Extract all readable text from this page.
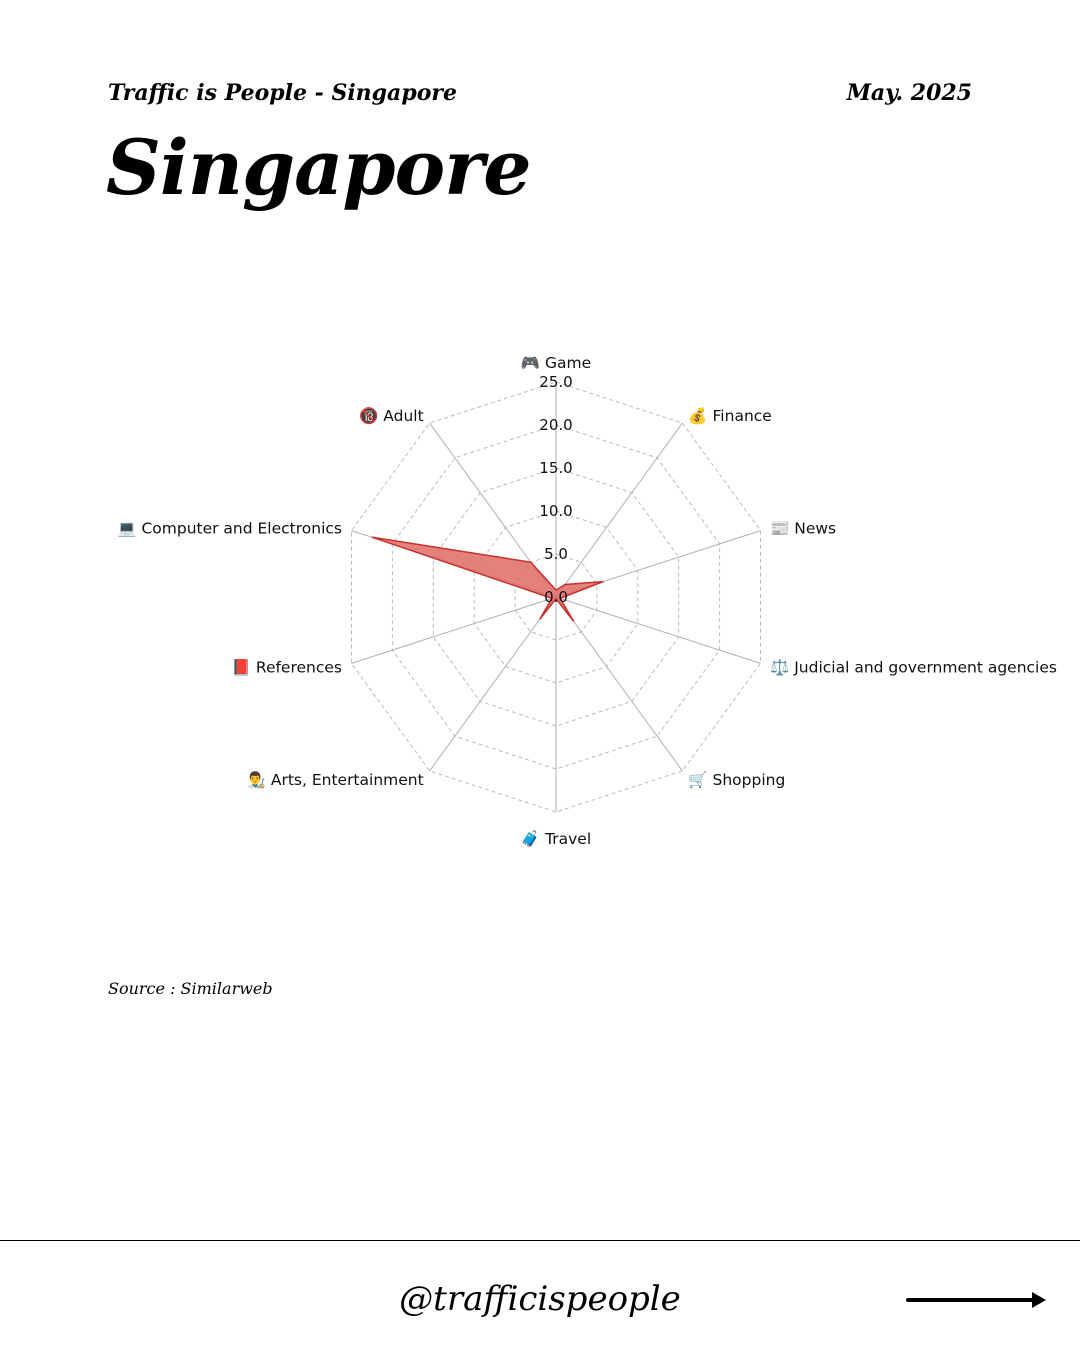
Traffic is People - Singapore	May. 2025
Singapore
0.0
5.0
10.0
15.0
20.0
25.0
🎮 Game
💰 Finance
📰 News
⚖️ Judicial and government agencies
🛒 Shopping
🧳 Travel
👨‍🎨 Arts, Entertainment
📕 References
💻 Computer and Electronics
🔞 Adult
Source : Similarweb
@trafficispeople
